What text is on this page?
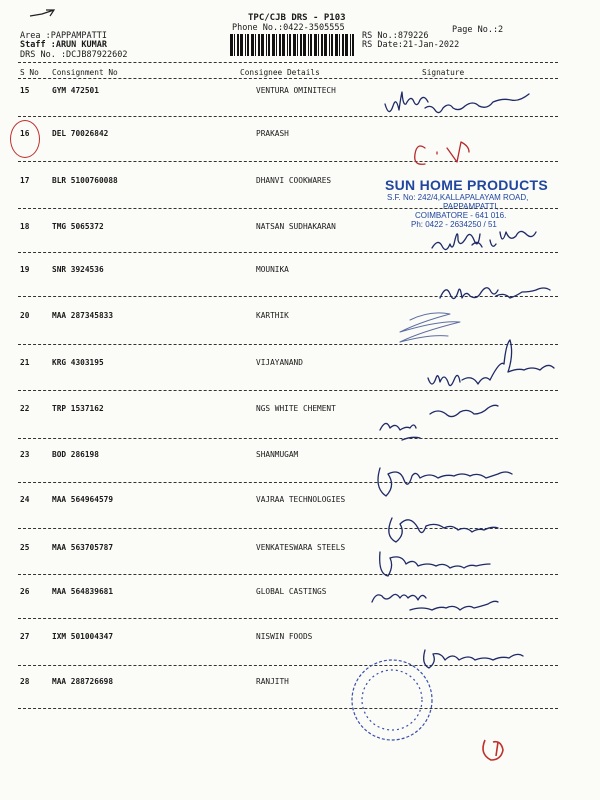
TPC/CJB DRS - P103
Phone No.:0422-3505555	Page No.:2
Area :PAPPAMPATTI
Staff :ARUN KUMAR
DRS No. :DCJB87922602
RS No.:879226
RS Date:21-Jan-2022
S No Consignment No	Consignee Details	Signature
15	GYM 472501	VENTURA OMINITECH
16	DEL 70026842	PRAKASH
17	BLR 5100760088	DHANVI COOKWARES
18	TMG 5065372	NATSAN SUDHAKARAN
19	SNR 3924536	MOUNIKA
20	MAA 287345833	KARTHIK
21	KRG 4303195	VIJAYANAND
22	TRP 1537162	NGS WHITE CHEMENT
23	BOD 286198	SHANMUGAM
24	MAA 564964579	VAJRAA TECHNOLOGIES
25	MAA 563705787	VENKATESWARA STEELS
26	MAA 564839681	GLOBAL CASTINGS
27	IXM 501004347	NISWIN FOODS
28	MAA 288726698	RANJITH
SUN HOME PRODUCTS
S.F. No: 242/4,KALLAPALAYAM ROAD,
PAPPAMPATTI,
COIMBATORE - 641 016.
Ph: 0422 - 2634250 / 51
